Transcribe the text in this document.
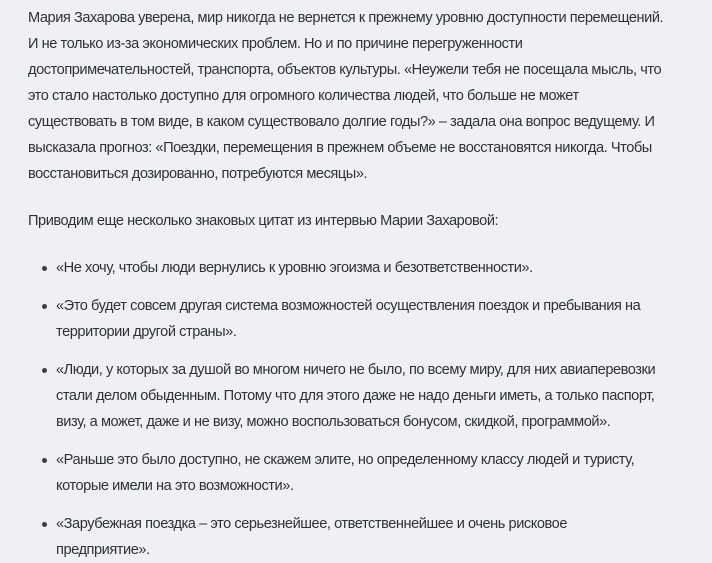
Мария Захарова уверена, мир никогда не вернется к прежнему уровню доступности перемещений.
И не только из-за экономических проблем. Но и по причине перегруженности
достопримечательностей, транспорта, объектов культуры. «Неужели тебя не посещала мысль, что
это стало настолько доступно для огромного количества людей, что больше не может
существовать в том виде, в каком существовало долгие годы?» – задала она вопрос ведущему. И
высказала прогноз: «Поездки, перемещения в прежнем объеме не восстановятся никогда. Чтобы
восстановиться дозированно, потребуются месяцы».

Приводим еще несколько знаковых цитат из интервью Марии Захаровой:

«Не хочу, чтобы люди вернулись к уровню эгоизма и безответственности».
«Это будет совсем другая система возможностей осуществления поездок и пребывания на
территории другой страны».
«Люди, у которых за душой во многом ничего не было, по всему миру, для них авиаперевозки
стали делом обыденным. Потому что для этого даже не надо деньги иметь, а только паспорт,
визу, а может, даже и не визу, можно воспользоваться бонусом, скидкой, программой».
«Раньше это было доступно, не скажем элите, но определенному классу людей и туристу,
которые имели на это возможности».
«Зарубежная поездка – это серьезнейшее, ответственнейшее и очень рисковое
предприятие».
